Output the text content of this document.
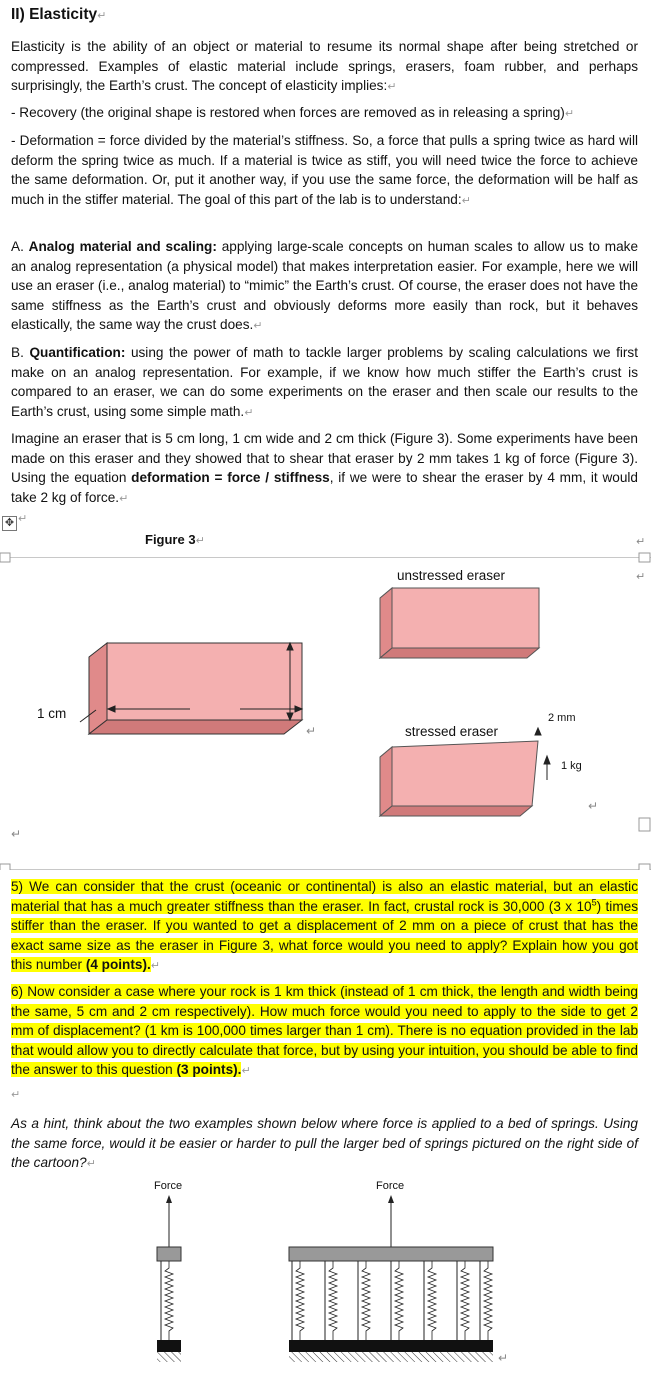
II) Elasticity↵

Elasticity is the ability of an object or material to resume its normal shape after being stretched or compressed. Examples of elastic material include springs, erasers, foam rubber, and perhaps surprisingly, the Earth’s crust. The concept of elasticity implies:↵

- Recovery (the original shape is restored when forces are removed as in releasing a spring)↵

- Deformation = force divided by the material’s stiffness. So, a force that pulls a spring twice as hard will deform the spring twice as much. If a material is twice as stiff, you will need twice the force to achieve the same deformation. Or, put it another way, if you use the same force, the deformation will be half as much in the stiffer material. The goal of this part of the lab is to understand:↵

A. Analog material and scaling: applying large-scale concepts on human scales to allow us to make an analog representation (a physical model) that makes interpretation easier. For example, here we will use an eraser (i.e., analog material) to “mimic” the Earth’s crust. Of course, the eraser does not have the same stiffness as the Earth’s crust and obviously deforms more easily than rock, but it behaves elastically, the same way the crust does.↵

B. Quantification: using the power of math to tackle larger problems by scaling calculations we first make on an analog representation. For example, if we know how much stiffer the Earth’s crust is compared to an eraser, we can do some experiments on the eraser and then scale our results to the Earth’s crust, using some simple math.↵

Imagine an eraser that is 5 cm long, 1 cm wide and 2 cm thick (Figure 3). Some experiments have been made on this eraser and they showed that to shear that eraser by 2 mm takes 1 kg of force (Figure 3). Using the equation deformation = force / stiffness, if we were to shear the eraser by 4 mm, it would take 2 kg of force.↵

✥ ↵
Figure 3↵
unstressed eraser
1 cm
stressed eraser
2 mm
1 kg
↵
↵
↵
↵
↵

5) We can consider that the crust (oceanic or continental) is also an elastic material, but an elastic material that has a much greater stiffness than the eraser. In fact, crustal rock is 30,000 (3 x $10^5$) times stiffer than the eraser. If you wanted to get a displacement of 2 mm on a piece of crust that has the exact same size as the eraser in Figure 3, what force would you need to apply? Explain how you got this number (4 points).↵

6) Now consider a case where your rock is 1 km thick (instead of 1 cm thick, the length and width being the same, 5 cm and 2 cm respectively). How much force would you need to apply to the side to get 2 mm of displacement? (1 km is 100,000 times larger than 1 cm). There is no equation provided in the lab that would allow you to directly calculate that force, but by using your intuition, you should be able to find the answer to this question (3 points).↵

↵

As a hint, think about the two examples shown below where force is applied to a bed of springs. Using the same force, would it be easier or harder to pull the larger bed of springs pictured on the right side of the cartoon?↵

Force	Force
↵
